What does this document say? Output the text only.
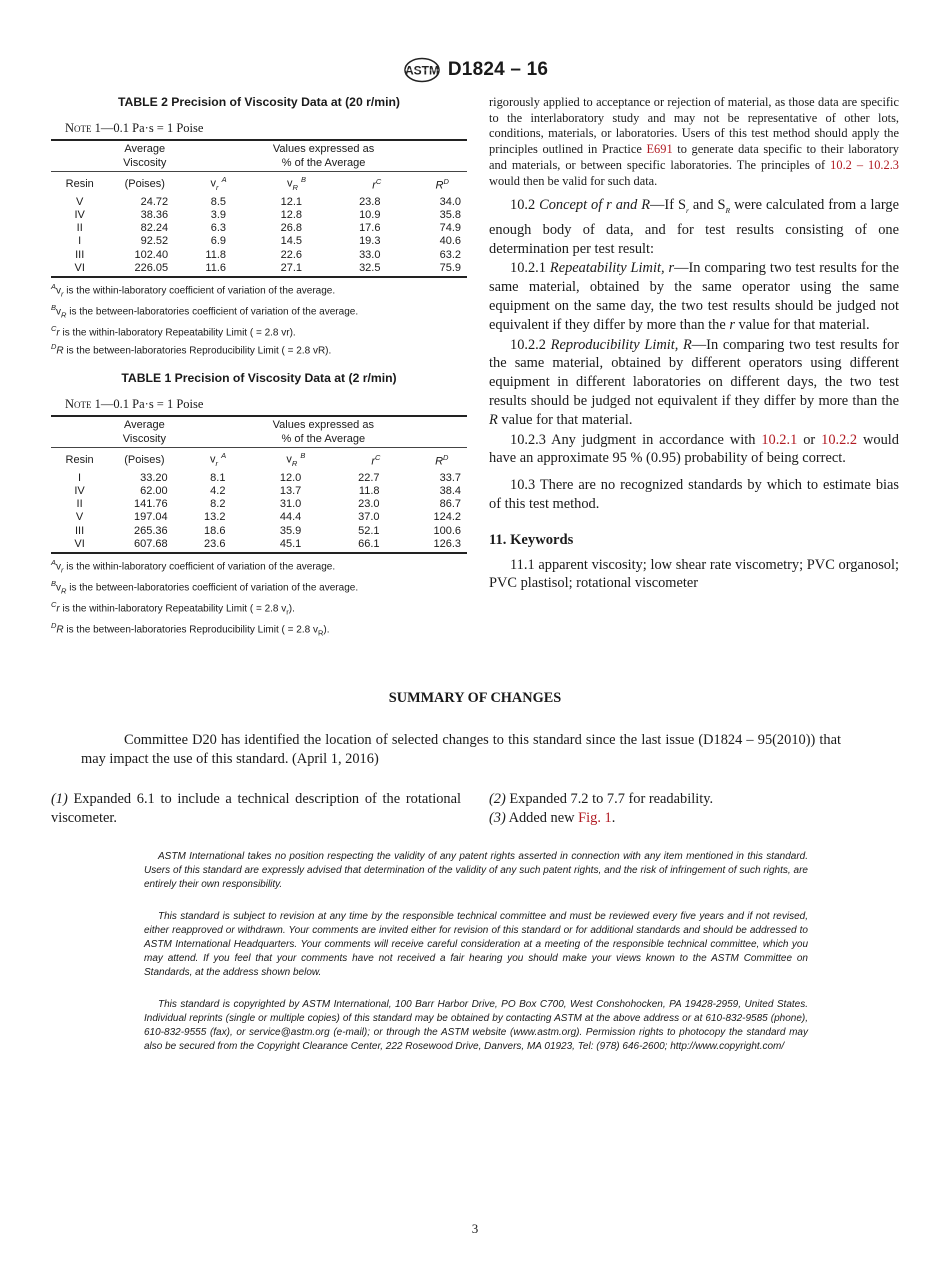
ASTM D1824 – 16
TABLE 2 Precision of Viscosity Data at (20 r/min)
Note 1—0.1 Pa·s = 1 Poise
	Average
Viscosity	Values expressed as
% of the Average			
Resin	(Poises)	$v_r$ $^A$	$v_R$ $^B$	$r^C$	$R^D$
V	24.72	8.5	12.1	23.8	34.0
IV	38.36	3.9	12.8	10.9	35.8
II	82.24	6.3	26.8	17.6	74.9
I	92.52	6.9	14.5	19.3	40.6
III	102.40	11.8	22.6	33.0	63.2
VI	226.05	11.6	27.1	32.5	75.9
$^Av_r$ is the within-laboratory coefficient of variation of the average.
$^Bv_R$ is the between-laboratories coefficient of variation of the average.
$^C$r is the within-laboratory Repeatability Limit ( = 2.8 vr).
$^D$R is the between-laboratories Reproducibility Limit ( = 2.8 vR).
TABLE 1 Precision of Viscosity Data at (2 r/min)
Note 1—0.1 Pa·s = 1 Poise
	Average
Viscosity	Values expressed as
% of the Average			
Resin	(Poises)	$v_r$ $^A$	$v_R$ $^B$	$r^C$	$R^D$
I	33.20	8.1	12.0	22.7	33.7
IV	62.00	4.2	13.7	11.8	38.4
II	141.76	8.2	31.0	23.0	86.7
V	197.04	13.2	44.4	37.0	124.2
III	265.36	18.6	35.9	52.1	100.6
VI	607.68	23.6	45.1	66.1	126.3
$^Av_r$ is the within-laboratory coefficient of variation of the average.
$^Bv_R$ is the between-laboratories coefficient of variation of the average.
$^C$r is the within-laboratory Repeatability Limit ( = 2.8 $v_r$).
$^D$R is the between-laboratories Reproducibility Limit ( = 2.8 $v_R$).

rigorously applied to acceptance or rejection of material, as those data are specific to the interlaboratory study and may not be representative of other lots, conditions, materials, or laboratories. Users of this test method should apply the principles outlined in Practice E691 to generate data specific to their laboratory and materials, or between specific laboratories. The principles of 10.2 – 10.2.3 would then be valid for such data.

10.2 Concept of r and R—If $S_r$ and $S_R$ were calculated from a large enough body of data, and for test results consisting of one determination per test result:

10.2.1 Repeatability Limit, r—In comparing two test results for the same material, obtained by the same operator using the same equipment on the same day, the two test results should be judged not equivalent if they differ by more than the r value for that material.

10.2.2 Reproducibility Limit, R—In comparing two test results for the same material, obtained by different operators using different equipment in different laboratories on different days, the two test results should be judged not equivalent if they differ by more than the R value for that material.

10.2.3 Any judgment in accordance with 10.2.1 or 10.2.2 would have an approximate 95 % (0.95) probability of being correct.

10.3 There are no recognized standards by which to estimate bias of this test method.

11. Keywords

11.1 apparent viscosity; low shear rate viscometry; PVC organosol; PVC plastisol; rotational viscometer

SUMMARY OF CHANGES
Committee D20 has identified the location of selected changes to this standard since the last issue (D1824 – 95(2010)) that may impact the use of this standard. (April 1, 2016)
(1) Expanded 6.1 to include a technical description of the rotational viscometer.
(2) Expanded 7.2 to 7.7 for readability.
(3) Added new Fig. 1.
ASTM International takes no position respecting the validity of any patent rights asserted in connection with any item mentioned in this standard. Users of this standard are expressly advised that determination of the validity of any such patent rights, and the risk of infringement of such rights, are entirely their own responsibility.
This standard is subject to revision at any time by the responsible technical committee and must be reviewed every five years and if not revised, either reapproved or withdrawn. Your comments are invited either for revision of this standard or for additional standards and should be addressed to ASTM International Headquarters. Your comments will receive careful consideration at a meeting of the responsible technical committee, which you may attend. If you feel that your comments have not received a fair hearing you should make your views known to the ASTM Committee on Standards, at the address shown below.
This standard is copyrighted by ASTM International, 100 Barr Harbor Drive, PO Box C700, West Conshohocken, PA 19428-2959, United States. Individual reprints (single or multiple copies) of this standard may be obtained by contacting ASTM at the above address or at 610-832-9585 (phone), 610-832-9555 (fax), or service@astm.org (e-mail); or through the ASTM website (www.astm.org). Permission rights to photocopy the standard may also be secured from the Copyright Clearance Center, 222 Rosewood Drive, Danvers, MA 01923, Tel: (978) 646-2600; http://www.copyright.com/
3
